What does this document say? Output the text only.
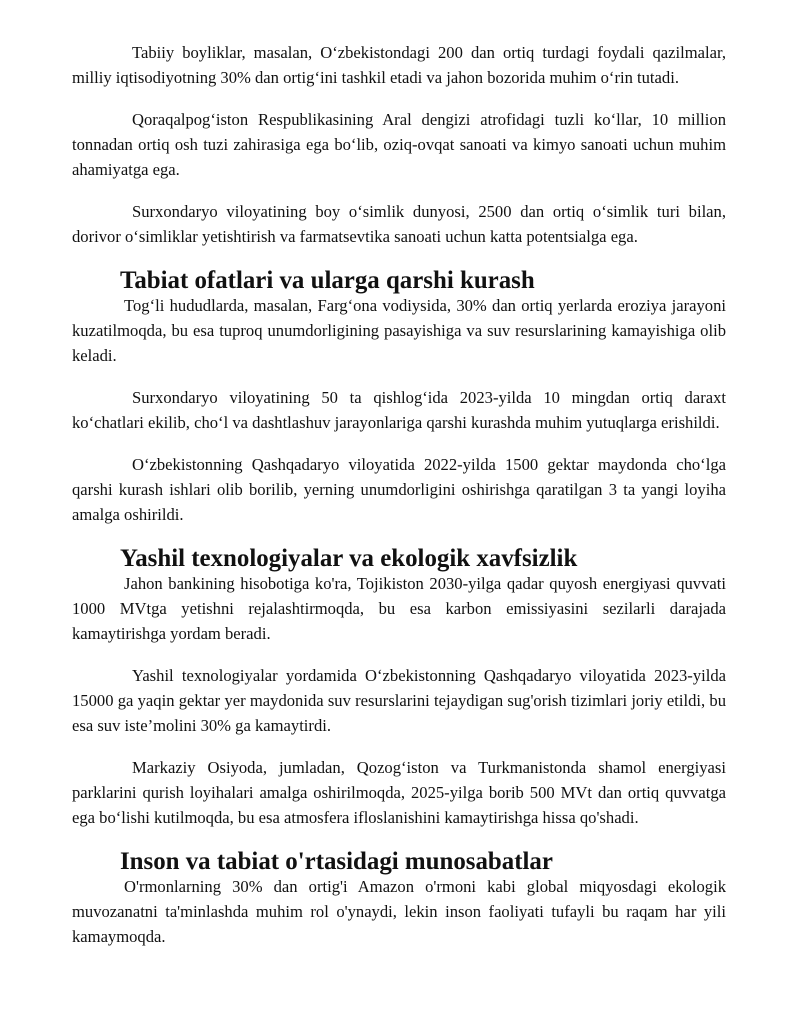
Tabiiy boyliklar, masalan, O‘zbekistondagi 200 dan ortiq turdagi foydali qazilmalar, milliy iqtisodiyotning 30% dan ortig‘ini tashkil etadi va jahon bozorida muhim o‘rin tutadi.

Qoraqalpog‘iston Respublikasining Aral dengizi atrofidagi tuzli ko‘llar, 10 million tonnadan ortiq osh tuzi zahirasiga ega bo‘lib, oziq-ovqat sanoati va kimyo sanoati uchun muhim ahamiyatga ega.

Surxondaryo viloyatining boy o‘simlik dunyosi, 2500 dan ortiq o‘simlik turi bilan, dorivor o‘simliklar yetishtirish va farmatsevtika sanoati uchun katta potentsialga ega.

Tabiat ofatlari va ularga qarshi kurash

Tog‘li hududlarda, masalan, Farg‘ona vodiysida, 30% dan ortiq yerlarda eroziya jarayoni kuzatilmoqda, bu esa tuproq unumdorligining pasayishiga va suv resurslarining kamayishiga olib keladi.

Surxondaryo viloyatining 50 ta qishlog‘ida 2023-yilda 10 mingdan ortiq daraxt ko‘chatlari ekilib, cho‘l va dashtlashuv jarayonlariga qarshi kurashda muhim yutuqlarga erishildi.

O‘zbekistonning Qashqadaryo viloyatida 2022-yilda 1500 gektar maydonda cho‘lga qarshi kurash ishlari olib borilib, yerning unumdorligini oshirishga qaratilgan 3 ta yangi loyiha amalga oshirildi.

Yashil texnologiyalar va ekologik xavfsizlik

Jahon bankining hisobotiga ko'ra, Tojikiston 2030-yilga qadar quyosh energiyasi quvvati 1000 MVtga yetishni rejalashtirmoqda, bu esa karbon emissiyasini sezilarli darajada kamaytirishga yordam beradi.

Yashil texnologiyalar yordamida O‘zbekistonning Qashqadaryo viloyatida 2023-yilda 15000 ga yaqin gektar yer maydonida suv resurslarini tejaydigan sug'orish tizimlari joriy etildi, bu esa suv iste’molini 30% ga kamaytirdi.

Markaziy Osiyoda, jumladan, Qozog‘iston va Turkmanistonda shamol energiyasi parklarini qurish loyihalari amalga oshirilmoqda, 2025-yilga borib 500 MVt dan ortiq quvvatga ega bo‘lishi kutilmoqda, bu esa atmosfera ifloslanishini kamaytirishga hissa qo'shadi.

Inson va tabiat o'rtasidagi munosabatlar

O'rmonlarning 30% dan ortig'i Amazon o'rmoni kabi global miqyosdagi ekologik muvozanatni ta'minlashda muhim rol o'ynaydi, lekin inson faoliyati tufayli bu raqam har yili kamaymoqda.
